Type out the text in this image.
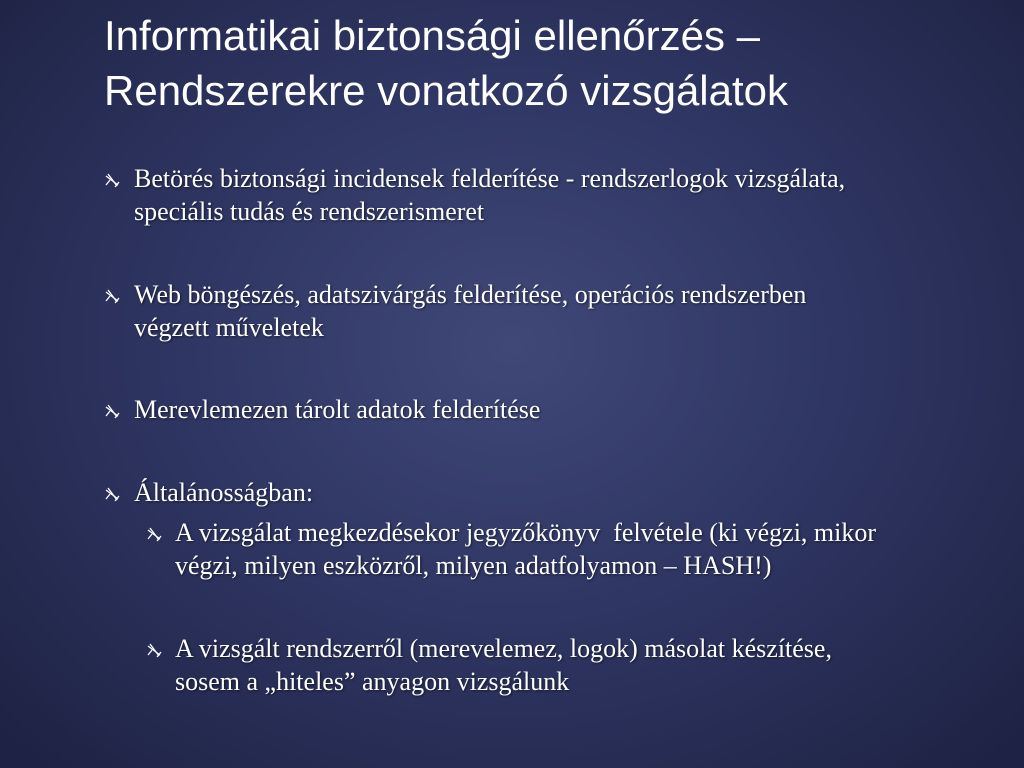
Informatikai biztonsági ellenőrzés –
Rendszerekre vonatkozó vizsgálatok
Betörés biztonsági incidensek felderítése - rendszerlogok vizsgálata,
speciális tudás és rendszerismeret
Web böngészés, adatszivárgás felderítése, operációs rendszerben
végzett műveletek
Merevlemezen tárolt adatok felderítése
Általánosságban:
A vizsgálat megkezdésekor jegyzőkönyv  felvétele (ki végzi, mikor
végzi, milyen eszközről, milyen adatfolyamon – HASH!)
A vizsgált rendszerről (merevelemez, logok) másolat készítése,
sosem a „hiteles” anyagon vizsgálunk
